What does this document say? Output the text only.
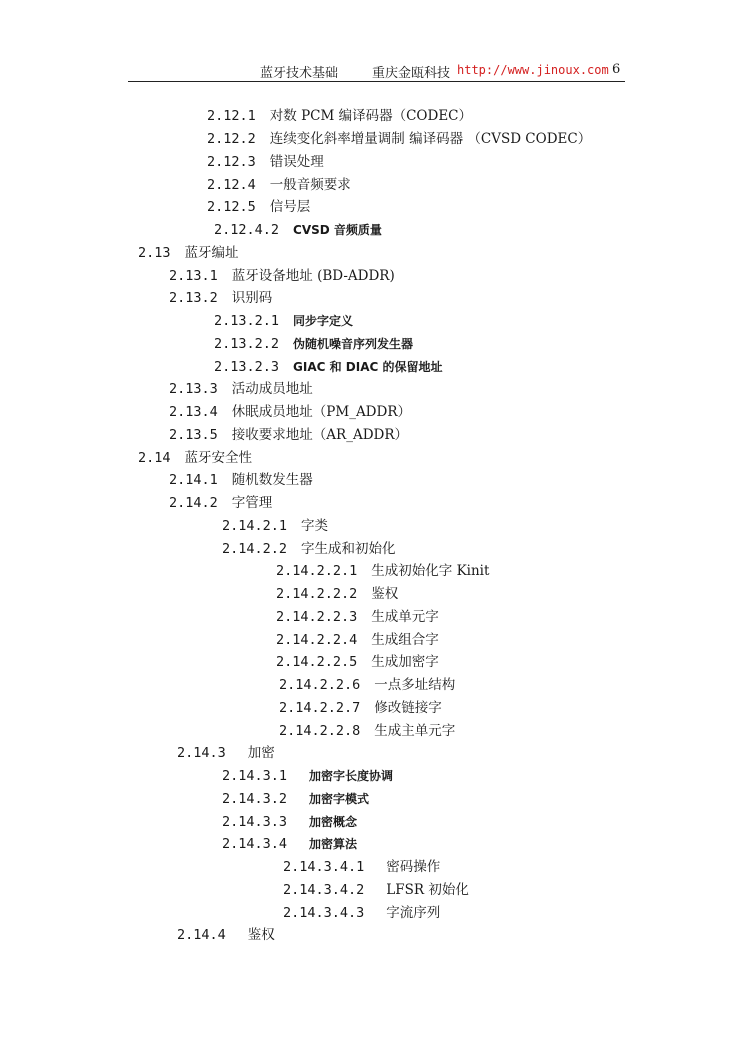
蓝牙技术基础	重庆金瓯科技 http://www.jinoux.com 6
2.12.1 对数 PCM 编译码器（CODEC）
2.12.2 连续变化斜率增量调制 编译码器 （CVSD CODEC）
2.12.3 错误处理
2.12.4 一般音频要求
2.12.5 信号层
2.12.4.2 CVSD 音频质量
2.13 蓝牙编址
2.13.1 蓝牙设备地址 (BD-ADDR)
2.13.2 识别码
2.13.2.1 同步字定义
2.13.2.2 伪随机噪音序列发生器
2.13.2.3 GIAC 和 DIAC 的保留地址
2.13.3 活动成员地址
2.13.4 休眠成员地址（PM_ADDR）
2.13.5 接收要求地址（AR_ADDR）
2.14 蓝牙安全性
2.14.1 随机数发生器
2.14.2 字管理
2.14.2.1 字类
2.14.2.2 字生成和初始化
2.14.2.2.1 生成初始化字 Kinit
2.14.2.2.2 鉴权
2.14.2.2.3 生成单元字
2.14.2.2.4 生成组合字
2.14.2.2.5 生成加密字
2.14.2.2.6 一点多址结构
2.14.2.2.7 修改链接字
2.14.2.2.8 生成主单元字
2.14.3 加密
2.14.3.1 加密字长度协调
2.14.3.2 加密字模式
2.14.3.3 加密概念
2.14.3.4 加密算法
2.14.3.4.1 密码操作
2.14.3.4.2 LFSR 初始化
2.14.3.4.3 字流序列
2.14.4 鉴权
